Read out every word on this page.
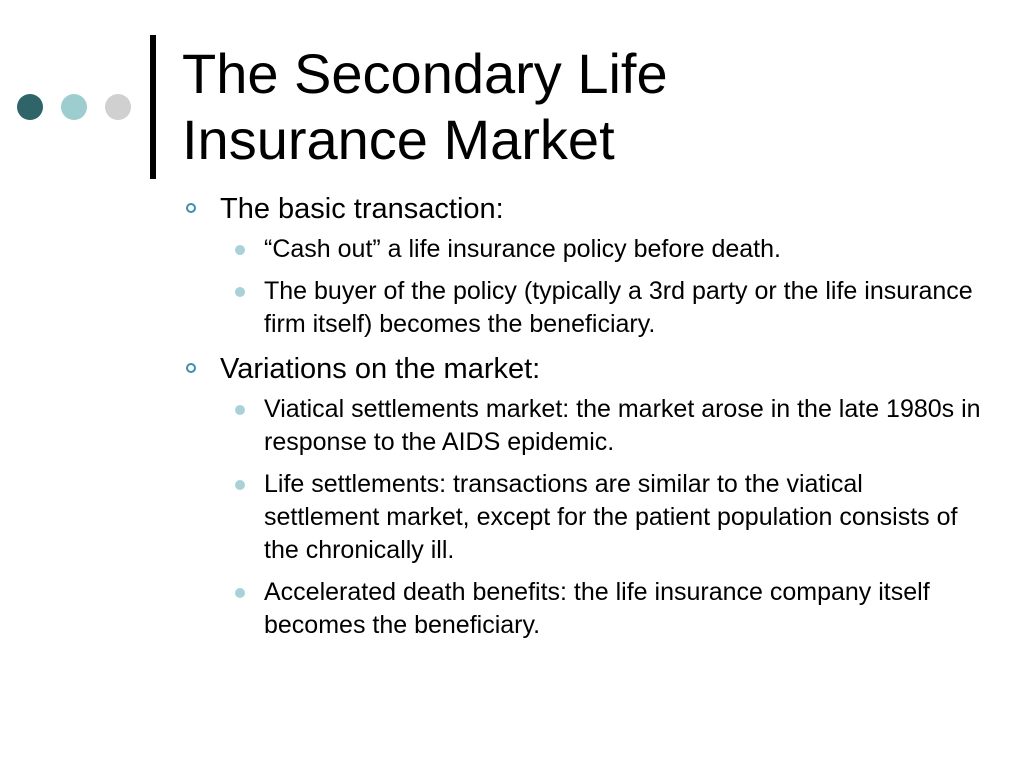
The Secondary Life
Insurance Market
The basic transaction:
“Cash out” a life insurance policy before death.
The buyer of the policy (typically a 3rd party or the life insurance firm itself) becomes the beneficiary.
Variations on the market:
Viatical settlements market: the market arose in the late 1980s in response to the AIDS epidemic.
Life settlements: transactions are similar to the viatical settlement market, except for the patient population consists of the chronically ill.
Accelerated death benefits: the life insurance company itself becomes the beneficiary.
